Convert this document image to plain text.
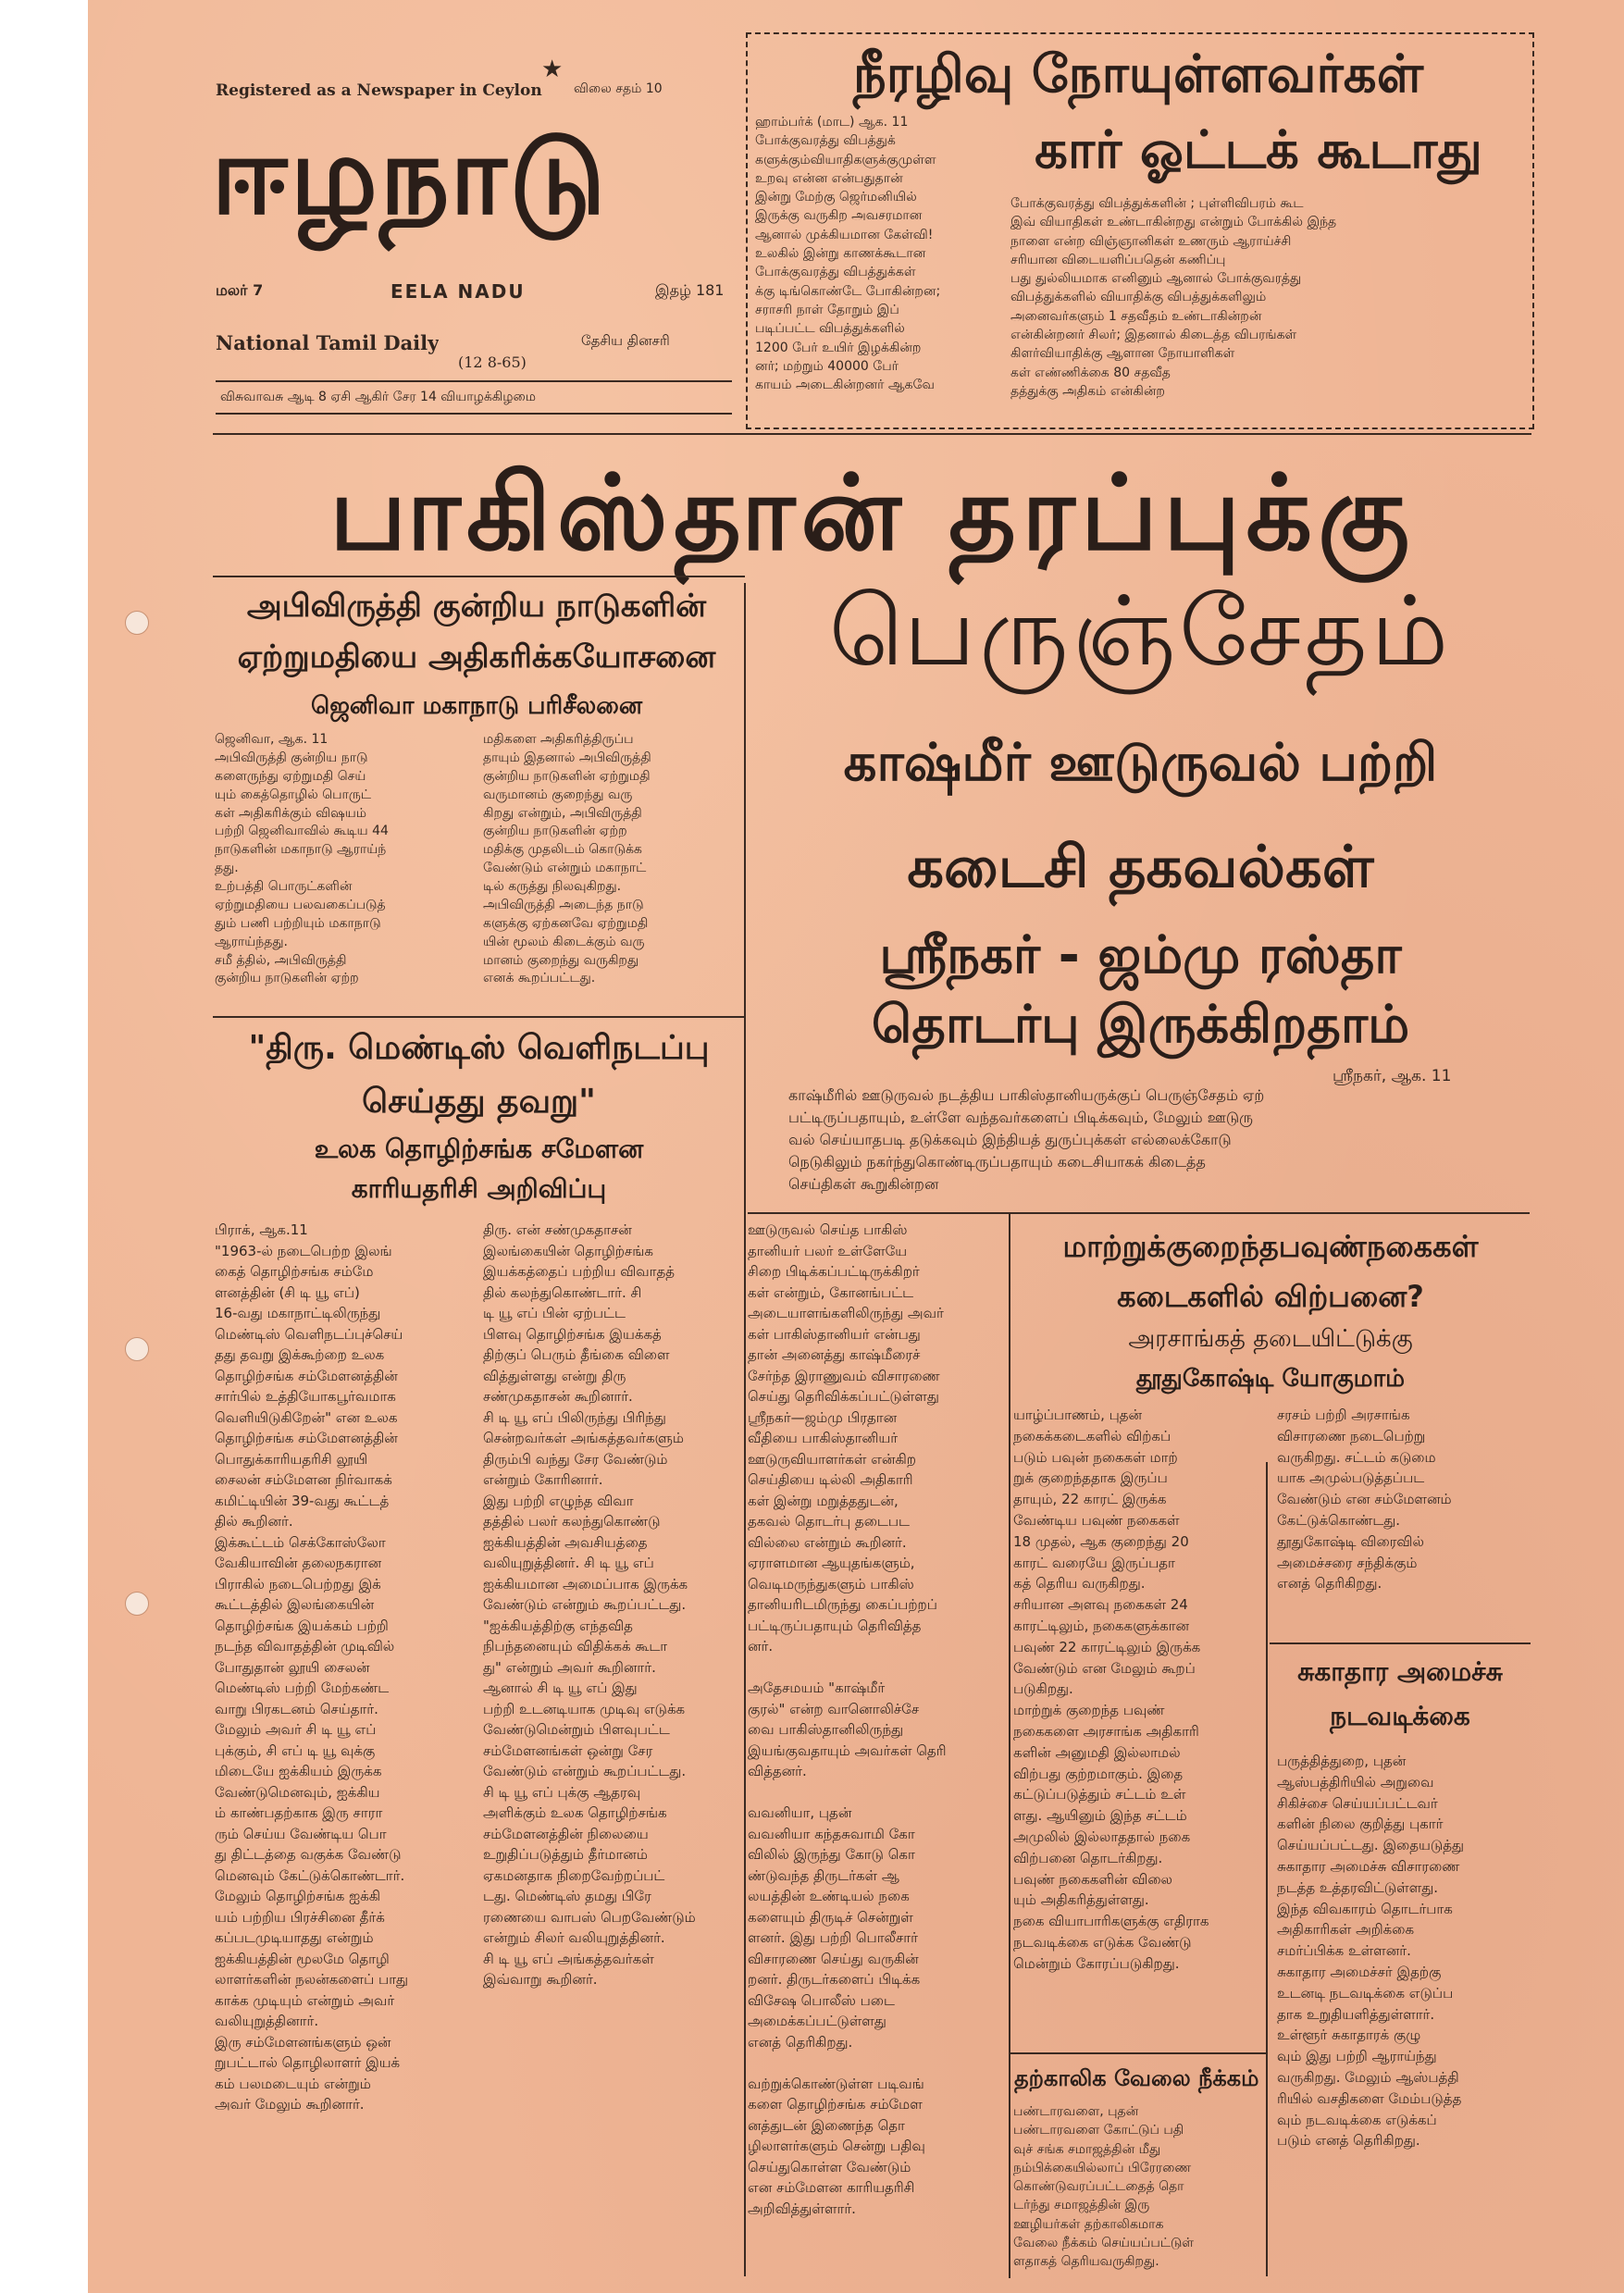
Registered as a Newspaper in Ceylon
★
விலை சதம் 10
ஈழநாடு
மலர் 7	EELA NADU	இதழ் 181
National Tamil Daily	தேசிய தினசரி
(12 8-65)
விசுவாவசு ஆடி 8 ஏசி ஆகிர் சேர 14 வியாழக்கிழமை
நீரழிவு நோயுள்ளவர்கள்
கார் ஓட்டக் கூடாது
ஹாம்பர்க் (மாட) ஆக. 11
போக்குவரத்து விபத்துக்
களுக்கும்வியாதிகளுக்குமுள்ள
உறவு என்ன என்பதுதான்
இன்று மேற்கு ஜெர்மனியில்
இருக்கு வருகிற அவசரமான
ஆனால் முக்கியமான கேள்வி!
உலகில் இன்று காணக்கூடான
போக்குவரத்து விபத்துக்கள்
க்கு டிங்கொண்டே போகின்றன;
சராசரி நாள் தோறும் இப்
படிப்பட்ட விபத்துக்களில்
1200 பேர் உயிர் இழக்கின்ற
னர்; மற்றும் 40000 பேர்
காயம் அடைகின்றனர் ஆகவே
போக்குவரத்து விபத்துக்களின் ; புள்ளிவிபரம் கூட
இவ் வியாதிகள் உண்டாகின்றது என்றும் போக்கில் இந்த
நாளை என்ற விஞ்ஞானிகள் உணரும் ஆராய்ச்சி
சரியான விடையளிப்பதென் கணிப்பு
பது துல்லியமாக எனினும் ஆனால் போக்குவரத்து
விபத்துக்களில் வியாதிக்கு விபத்துக்களிலும்
அனைவர்களும் 1 சதவீதம் உண்டாகின்றன்
என்கின்றனர் சிலர்; இதனால் கிடைத்த விபரங்கள்
கிளர்வியாதிக்கு ஆளான நோயாளிகள்
கள் எண்ணிக்கை 80 சதவீத
தத்துக்கு அதிகம் என்கின்ற
பாகிஸ்தான் தரப்புக்கு
பெருஞ்சேதம்
காஷ்மீர் ஊடுருவல் பற்றி
கடைசி தகவல்கள்
ஸ்ரீநகர் - ஜம்மு ரஸ்தா
தொடர்பு இருக்கிறதாம்
ஸ்ரீநகர், ஆக. 11
காஷ்மீரில் ஊடுருவல் நடத்திய பாகிஸ்தானியருக்குப் பெருஞ்சேதம் ஏற்
பட்டிருப்பதாயும், உள்ளே வந்தவர்களைப் பிடிக்கவும், மேலும் ஊடுரு
வல் செய்யாதபடி தடுக்கவும் இந்தியத் துருப்புக்கள் எல்லைக்கோடு
நெடுகிலும் நகர்ந்துகொண்டிருப்பதாயும் கடைசியாகக் கிடைத்த
செய்திகள் கூறுகின்றன
ஊடுருவல் செய்த பாகிஸ்
தானியர் பலர் உள்ளேயே
சிறை பிடிக்கப்பட்டிருக்கிறர்
கள் என்றும், கோனங்பட்ட
அடையாளங்களிலிருந்து அவர்
கள் பாகிஸ்தானியர் என்பது
தான் அனைத்து காஷ்மீரைச்
சேர்ந்த இராணுவம் விசாரணை
செய்து தெரிவிக்கப்பட்டுள்ளது
ஸ்ரீநகர்—ஜம்மு பிரதான
வீதியை பாகிஸ்தானியர்
ஊடுருவியாளர்கள் என்கிற
செய்தியை டில்லி அதிகாரி
கள் இன்று மறுத்ததுடன்,
தகவல் தொடர்பு தடைபட
வில்லை என்றும் கூறினர்.
ஏராளமான ஆயுதங்களும்,
வெடிமருந்துகளும் பாகிஸ்
தானியரிடமிருந்து கைப்பற்றப்
பட்டிருப்பதாயும் தெரிவித்த
னர்.

அதேசமயம் "காஷ்மீர்
குரல்" என்ற வானொலிச்சே
வை பாகிஸ்தானிலிருந்து
இயங்குவதாயும் அவர்கள் தெரி
வித்தனர்.

வவனியா, புதன்
வவனியா கந்தசுவாமி கோ
விலில் இருந்து கோடு கொ
ண்டுவந்த திருடர்கள் ஆ
லயத்தின் உண்டியல் நகை
களையும் திருடிச் சென்றுள்
ளனர். இது பற்றி பொலீசார்
விசாரணை செய்து வருகின்
றனர். திருடர்களைப் பிடிக்க
விசேஷ பொலீஸ் படை
அமைக்கப்பட்டுள்ளது
எனத் தெரிகிறது.

வற்றுக்கொண்டுள்ள படிவங்
களை தொழிற்சங்க சம்மேள
னத்துடன் இணைந்த தொ
ழிலாளர்களும் சென்று பதிவு
செய்துகொள்ள வேண்டும்
என சம்மேளன காரியதரிசி
அறிவித்துள்ளார்.
அபிவிருத்தி குன்றிய நாடுகளின்
ஏற்றுமதியை அதிகரிக்கயோசனை
ஜெனிவா மகாநாடு பரிசீலனை
ஜெனிவா, ஆக. 11
அபிவிருத்தி குன்றிய நாடு
களைருந்து ஏற்றுமதி செய்
யும் கைத்தொழில் பொருட்
கள் அதிகரிக்கும் விஷயம்
பற்றி ஜெனிவாவில் கூடிய 44
நாடுகளின் மகாநாடு ஆராய்ந்
தது.
உற்பத்தி பொருட்களின்
ஏற்றுமதியை பலவகைப்படுத்
தும் பணி பற்றியும் மகாநாடு
ஆராய்ந்தது.
சமீ த்தில், அபிவிருத்தி
குன்றிய நாடுகளின் ஏற்ற
மதிகளை அதிகரித்திருப்ப
தாயும் இதனால் அபிவிருத்தி
குன்றிய நாடுகளின் ஏற்றுமதி
வருமானம் குறைந்து வரு
கிறது என்றும், அபிவிருத்தி
குன்றிய நாடுகளின் ஏற்ற
மதிக்கு முதலிடம் கொடுக்க
வேண்டும் என்றும் மகாநாட்
டில் கருத்து நிலவுகிறது.
அபிவிருத்தி அடைந்த நாடு
களுக்கு ஏற்கனவே ஏற்றுமதி
யின் மூலம் கிடைக்கும் வரு
மானம் குறைந்து வருகிறது
எனக் கூறப்பட்டது.
"திரு. மெண்டிஸ் வெளிநடப்பு
செய்தது தவறு"
உலக தொழிற்சங்க சமேளன
காரியதரிசி அறிவிப்பு
பிராக், ஆக.11
"1963-ல் நடைபெற்ற இலங்
கைத் தொழிற்சங்க சம்மே
ளனத்தின் (சி டி யூ எப்)
16-வது மகாநாட்டிலிருந்து
மெண்டிஸ் வெளிநடப்புச்செய்
தது தவறு இக்கூற்றை உலக
தொழிற்சங்க சம்மேளனத்தின்
சார்பில் உத்தியோகபூர்வமாக
வெளியிடுகிறேன்" என உலக
தொழிற்சங்க சம்மேளனத்தின்
பொதுக்காரியதரிசி லூயி
சைலன் சம்மேளன நிர்வாகக்
கமிட்டியின் 39-வது கூட்டத்
தில் கூறினர்.
இக்கூட்டம் செக்கோஸ்லோ
வேகியாவின் தலைநகரான
பிராகில் நடைபெற்றது இக்
கூட்டத்தில் இலங்கையின்
தொழிற்சங்க இயக்கம் பற்றி
நடந்த விவாதத்தின் முடிவில்
போதுதான் லூயி சைலன்
மெண்டிஸ் பற்றி மேற்கண்ட
வாறு பிரகடனம் செய்தார்.
மேலும் அவர் சி டி யூ எப்
புக்கும், சி எப் டி யூ வுக்கு
மிடையே ஐக்கியம் இருக்க
வேண்டுமெனவும், ஐக்கிய
ம் காண்பதற்காக இரு சாரா
ரும் செய்ய வேண்டிய பொ
து திட்டத்தை வகுக்க வேண்டு
மெனவும் கேட்டுக்கொண்டார்.
மேலும் தொழிற்சங்க ஐக்கி
யம் பற்றிய பிரச்சினை தீர்க்
கப்படமுடியாதது என்றும்
ஐக்கியத்தின் மூலமே தொழி
லாளர்களின் நலன்களைப் பாது
காக்க முடியும் என்றும் அவர்
வலியுறுத்தினார்.
இரு சம்மேளனங்களும் ஒன்
றுபட்டால் தொழிலாளர் இயக்
கம் பலமடையும் என்றும்
அவர் மேலும் கூறினார்.
திரு. என் சண்முகதாசன்
இலங்கையின் தொழிற்சங்க
இயக்கத்தைப் பற்றிய விவாதத்
தில் கலந்துகொண்டார். சி
டி யூ எப் பின் ஏற்பட்ட
பிளவு தொழிற்சங்க இயக்கத்
திற்குப் பெரும் தீங்கை விளை
வித்துள்ளது என்று திரு
சண்முகதாசன் கூறினார்.
சி டி யூ எப் பிலிருந்து பிரிந்து
சென்றவர்கள் அங்கத்தவர்களும்
திரும்பி வந்து சேர வேண்டும்
என்றும் கோரினார்.
இது பற்றி எழுந்த விவா
தத்தில் பலர் கலந்துகொண்டு
ஐக்கியத்தின் அவசியத்தை
வலியுறுத்தினர். சி டி யூ எப்
ஐக்கியமான அமைப்பாக இருக்க
வேண்டும் என்றும் கூறப்பட்டது.
"ஐக்கியத்திற்கு எந்தவித
நிபந்தனையும் விதிக்கக் கூடா
து" என்றும் அவர் கூறினார்.
ஆனால் சி டி யூ எப் இது
பற்றி உடனடியாக முடிவு எடுக்க
வேண்டுமென்றும் பிளவுபட்ட
சம்மேளனங்கள் ஒன்று சேர
வேண்டும் என்றும் கூறப்பட்டது.
சி டி யூ எப் புக்கு ஆதரவு
அளிக்கும் உலக தொழிற்சங்க
சம்மேளனத்தின் நிலையை
உறுதிப்படுத்தும் தீர்மானம்
ஏகமனதாக நிறைவேற்றப்பட்
டது. மெண்டிஸ் தமது பிரே
ரணையை வாபஸ் பெறவேண்டும்
என்றும் சிலர் வலியுறுத்தினர்.
சி டி யூ எப் அங்கத்தவர்கள்
இவ்வாறு கூறினர்.
மாற்றுக்குறைந்தபவுண்நகைகள்
கடைகளில் விற்பனை?
அரசாங்கத் தடையிட்டுக்கு
தூதுகோஷ்டி யோகுமாம்
யாழ்ப்பாணம், புதன்
நகைக்கடைகளில் விற்கப்
படும் பவுன் நகைகள் மாற்
றுக் குறைந்ததாக இருப்ப
தாயும், 22 காரட் இருக்க
வேண்டிய பவுண் நகைகள்
18 முதல், ஆக குறைந்து 20
காரட் வரையே இருப்பதா
கத் தெரிய வருகிறது.
சரியான அளவு நகைகள் 24
காரட்டிலும், நகைகளுக்கான
பவுண் 22 காரட்டிலும் இருக்க
வேண்டும் என மேலும் கூறப்
படுகிறது.
மாற்றுக் குறைந்த பவுண்
நகைகளை அரசாங்க அதிகாரி
களின் அனுமதி இல்லாமல்
விற்பது குற்றமாகும். இதை
கட்டுப்படுத்தும் சட்டம் உள்
ளது. ஆயினும் இந்த சட்டம்
அமுலில் இல்லாததால் நகை
விற்பனை தொடர்கிறது.
பவுண் நகைகளின் விலை
யும் அதிகரித்துள்ளது.
நகை வியாபாரிகளுக்கு எதிராக
நடவடிக்கை எடுக்க வேண்டு
மென்றும் கோரப்படுகிறது.
சரசம் பற்றி அரசாங்க
விசாரணை நடைபெற்று
வருகிறது. சட்டம் கடுமை
யாக அமுல்படுத்தப்பட
வேண்டும் என சம்மேளனம்
கேட்டுக்கொண்டது.
தூதுகோஷ்டி விரைவில்
அமைச்சரை சந்திக்கும்
எனத் தெரிகிறது.
சுகாதார அமைச்சு
நடவடிக்கை
பருத்தித்துறை, புதன்
ஆஸ்பத்திரியில் அறுவை
சிகிச்சை செய்யப்பட்டவர்
களின் நிலை குறித்து புகார்
செய்யப்பட்டது. இதையடுத்து
சுகாதார அமைச்சு விசாரணை
நடத்த உத்தரவிட்டுள்ளது.
இந்த விவகாரம் தொடர்பாக
அதிகாரிகள் அறிக்கை
சமர்ப்பிக்க உள்ளனர்.
சுகாதார அமைச்சர் இதற்கு
உடனடி நடவடிக்கை எடுப்ப
தாக உறுதியளித்துள்ளார்.
உள்ளூர் சுகாதாரக் குழு
வும் இது பற்றி ஆராய்ந்து
வருகிறது. மேலும் ஆஸ்பத்தி
ரியில் வசதிகளை மேம்படுத்த
வும் நடவடிக்கை எடுக்கப்
படும் எனத் தெரிகிறது.
தற்காலிக வேலை நீக்கம்
பண்டாரவளை, புதன்
பண்டாரவளை கோட்டுப் பதி
வுச் சங்க சமாஜத்தின் மீது
நம்பிக்கையில்லாப் பிரேரணை
கொண்டுவரப்பட்டதைத் தொ
டர்ந்து சமாஜத்தின் இரு
ஊழியர்கள் தற்காலிகமாக
வேலை நீக்கம் செய்யப்பட்டுள்
ளதாகத் தெரியவருகிறது.
